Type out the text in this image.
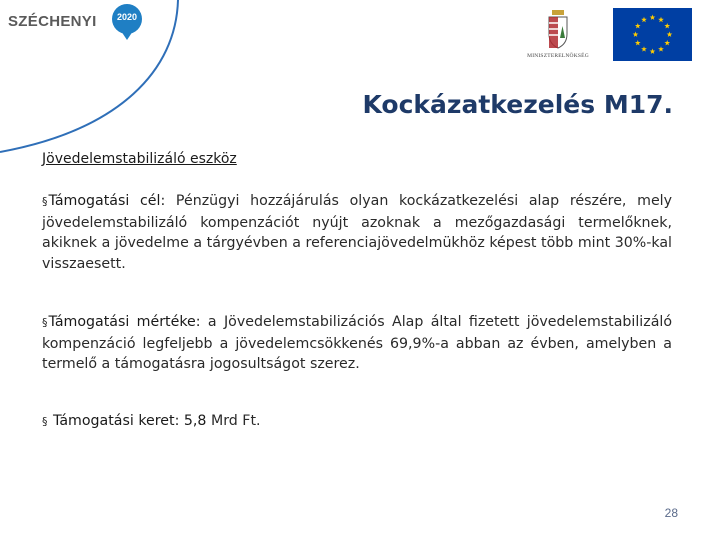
SZÉCHENYI	2020
MINISZTERELNÖKSÉG
Kockázatkezelés M17.
Jövedelemstabilizáló eszköz
§Támogatási cél: Pénzügyi hozzájárulás olyan kockázatkezelési alap részére, mely jövedelemstabilizáló kompenzációt nyújt azoknak a mezőgazdasági termelőknek, akiknek a jövedelme a tárgyévben a referenciajövedelmükhöz képest több mint 30%-kal visszaesett.
§Támogatási mértéke: a Jövedelemstabilizációs Alap által fizetett jövedelemstabilizáló kompenzáció legfeljebb a jövedelemcsökkenés 69,9%-a abban az évben, amelyben a termelő a támogatásra jogosultságot szerez.
§ Támogatási keret: 5,8 Mrd Ft.
28
